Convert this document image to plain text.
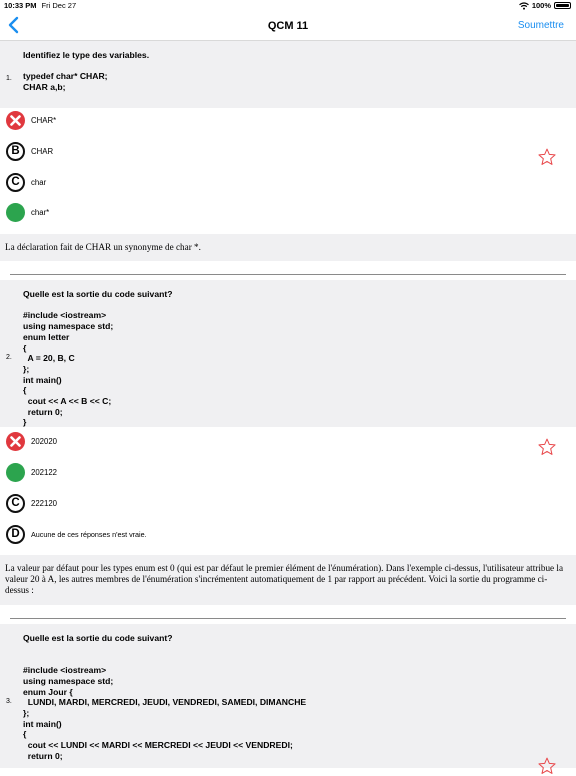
10:33 PM Fri Dec 27	100%
QCM 11	Soumettre
1.
Identifiez le type des variables.

typedef char* CHAR;
CHAR a,b;
CHAR*
B	CHAR
C	char
char*

La déclaration fait de CHAR un synonyme de char *.

2.
Quelle est la sortie du code suivant?

#include <iostream>
using namespace std;
enum letter
{
A = 20, B, C
};
int main()
{
cout << A << B << C;
return 0;
}
202020
202122
C	222120
D	Aucune de ces réponses n'est vraie.

La valeur par défaut pour les types enum est 0 (qui est par défaut le premier élément de l'énumération). Dans l'exemple ci-dessus, l'utilisateur attribue la valeur 20 à A, les autres membres de l'énumération s'incrémentent automatiquement de 1 par rapport au précédent. Voici la sortie du programme ci-dessus :

3.
Quelle est la sortie du code suivant?

#include <iostream>
using namespace std;
enum Jour {
LUNDI, MARDI, MERCREDI, JEUDI, VENDREDI, SAMEDI, DIMANCHE
};
int main()
{
cout << LUNDI << MARDI << MERCREDI << JEUDI << VENDREDI;
return 0;
